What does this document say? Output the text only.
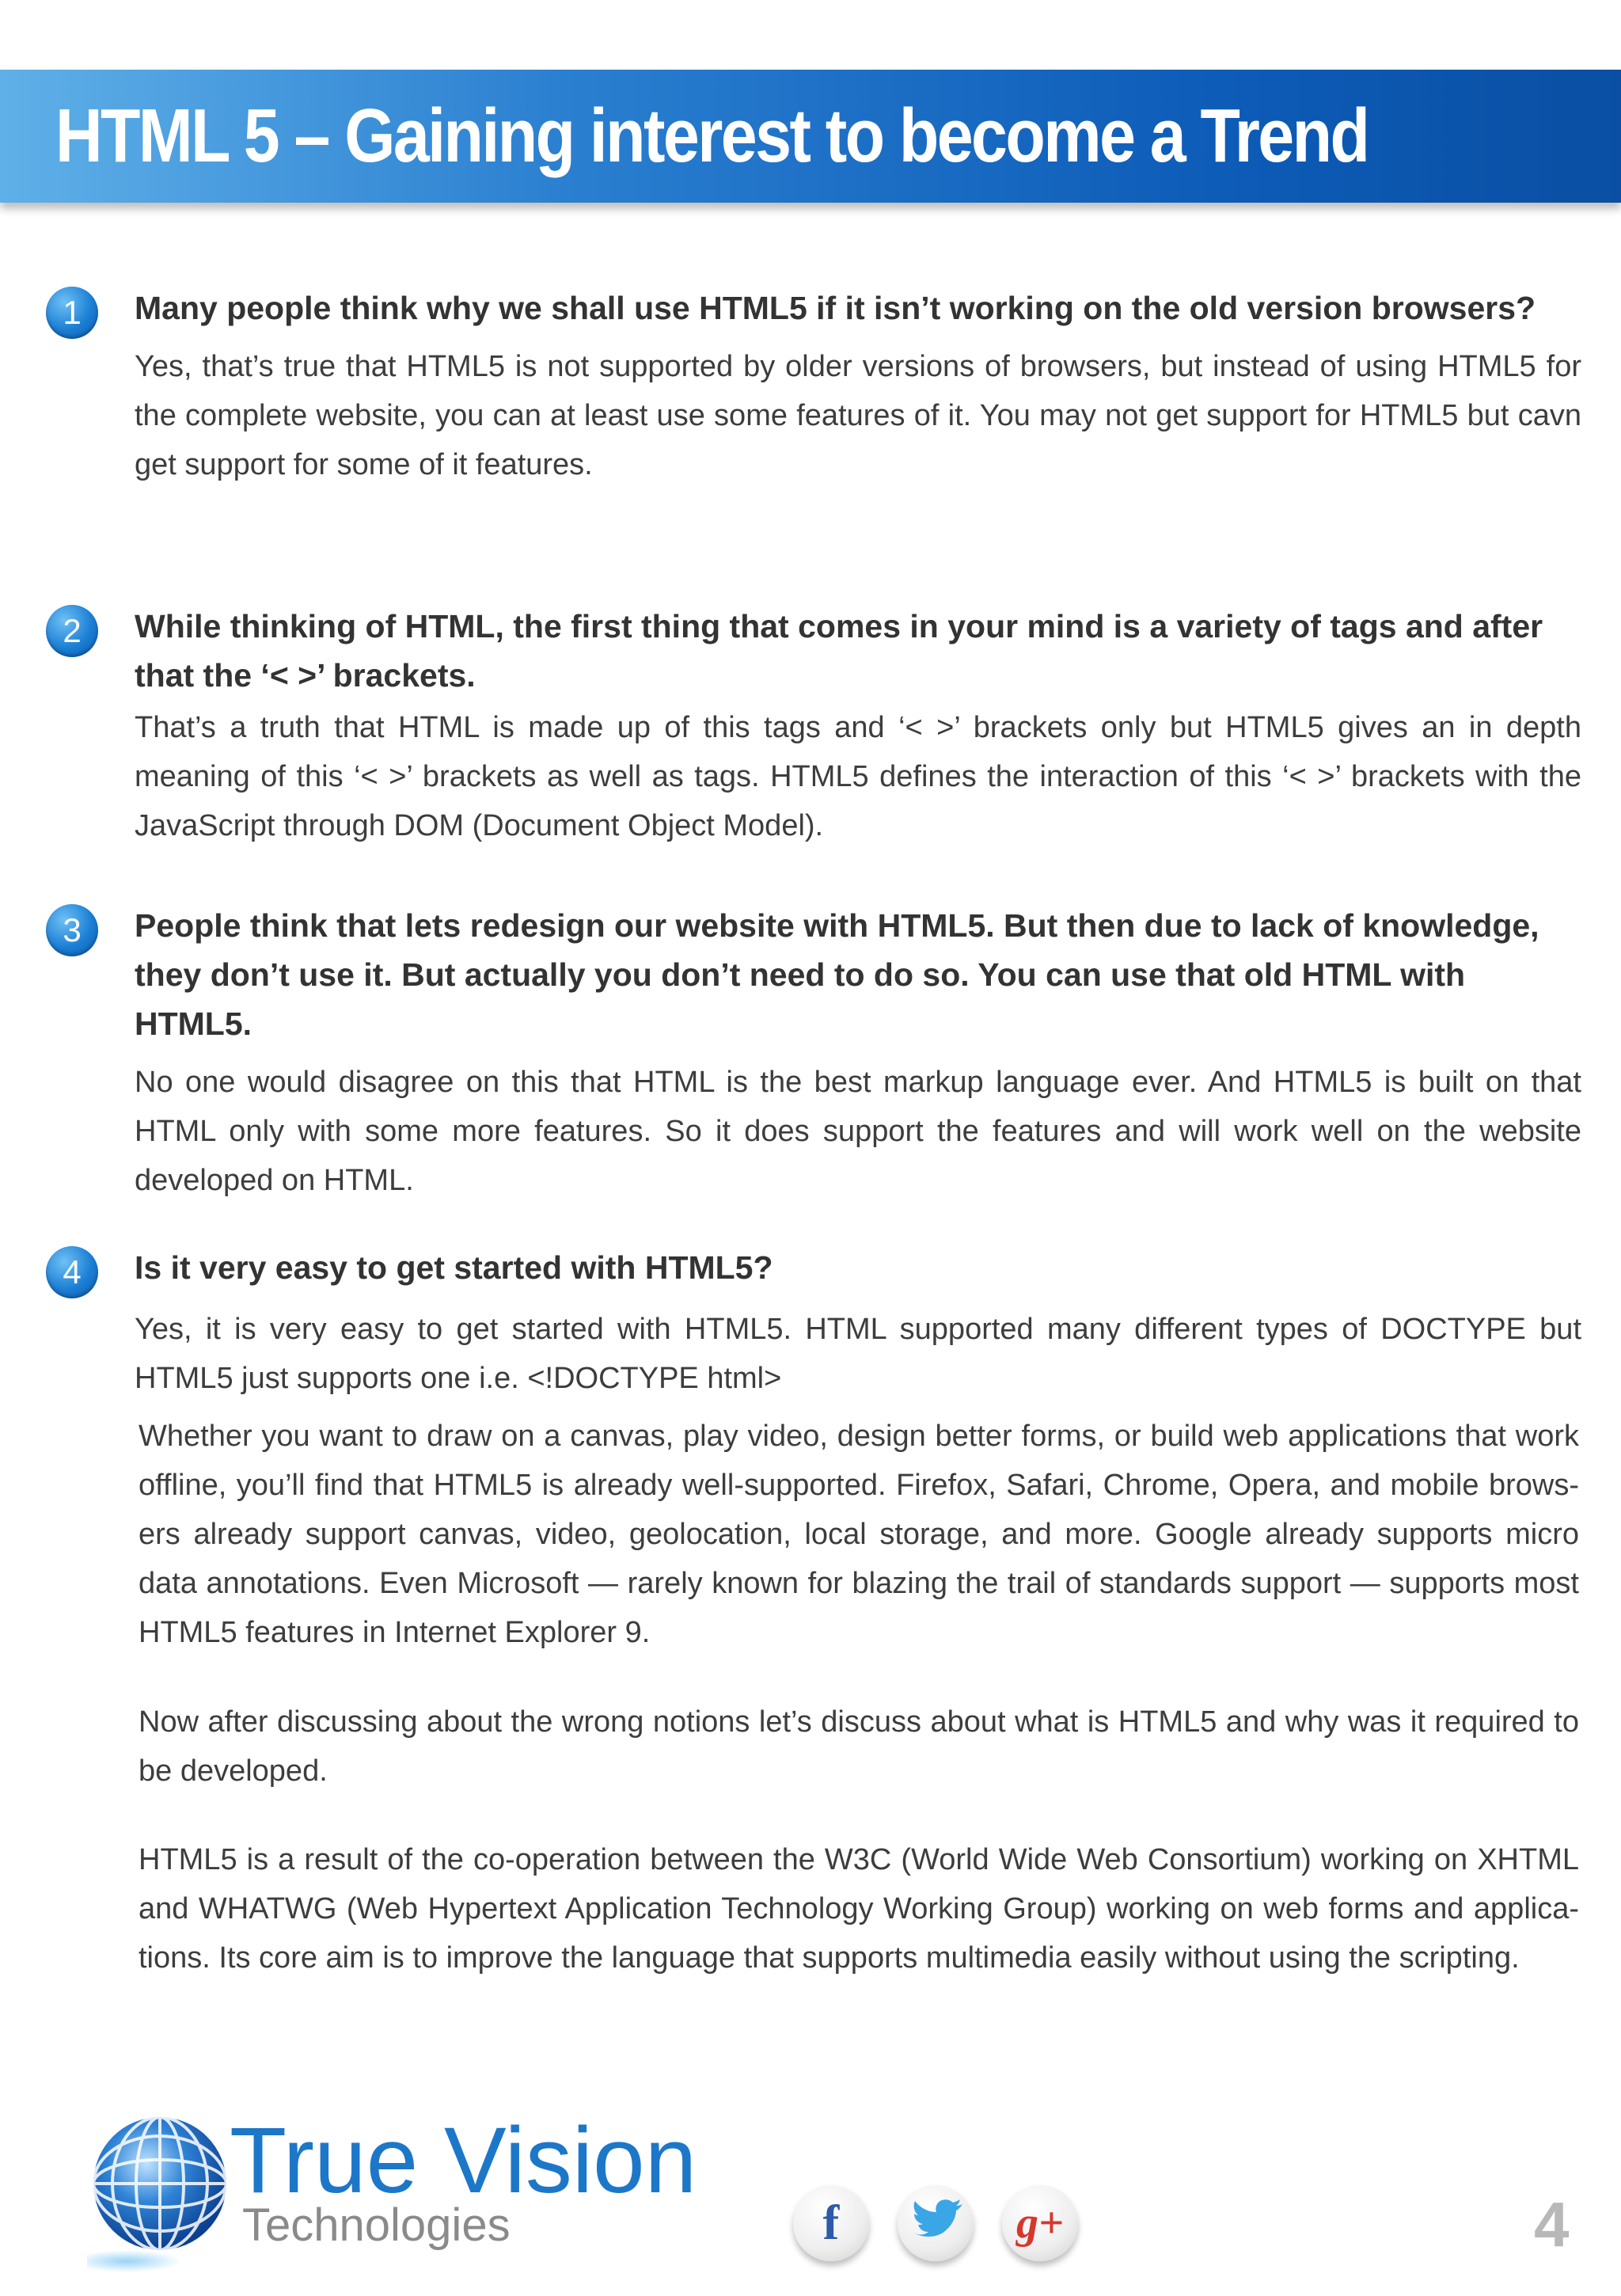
HTML 5 – Gaining interest to become a Trend
1	Many people think why we shall use HTML5 if it isn’t working on the old version browsers?

Yes, that’s true that HTML5 is not supported by older versions of browsers, but instead of using HTML5 for the complete website, you can at least use some features of it. You may not get support for HTML5 but cavn get support for some of it features.

2	While thinking of HTML, the first thing that comes in your mind is a variety of tags and after that the ‘< >’ brackets.

That’s a truth that HTML is made up of this tags and ‘< >’ brackets only but HTML5 gives an in depth meaning of this ‘< >’ brackets as well as tags. HTML5 defines the interaction of this ‘< >’ brackets with the JavaScript through DOM (Document Object Model).

3	People think that lets redesign our website with HTML5. But then due to lack of knowledge, they don’t use it. But actually you don’t need to do so. You can use that old HTML with HTML5.

No one would disagree on this that HTML is the best markup language ever. And HTML5 is built on that HTML only with some more features. So it does support the features and will work well on the website developed on HTML.

4	Is it very easy to get started with HTML5?

Yes, it is very easy to get started with HTML5. HTML supported many different types of DOCTYPE but HTML5 just supports one i.e. <!DOCTYPE html>

Whether you want to draw on a canvas, play video, design better forms, or build web applications that work offline, you’ll find that HTML5 is already well-supported. Firefox, Safari, Chrome, Opera, and mobile brows- ers already support canvas, video, geolocation, local storage, and more. Google already supports micro data annotations. Even Microsoft — rarely known for blazing the trail of standards support — supports most HTML5 features in Internet Explorer 9.

Now after discussing about the wrong notions let’s discuss about what is HTML5 and why was it required to be developed.

HTML5 is a result of the co-operation between the W3C (World Wide Web Consortium) working on XHTML and WHATWG (Web Hypertext Application Technology Working Group) working on web forms and applica- tions. Its core aim is to improve the language that supports multimedia easily without using the scripting.

True Vision
Technologies	f	g+	4
